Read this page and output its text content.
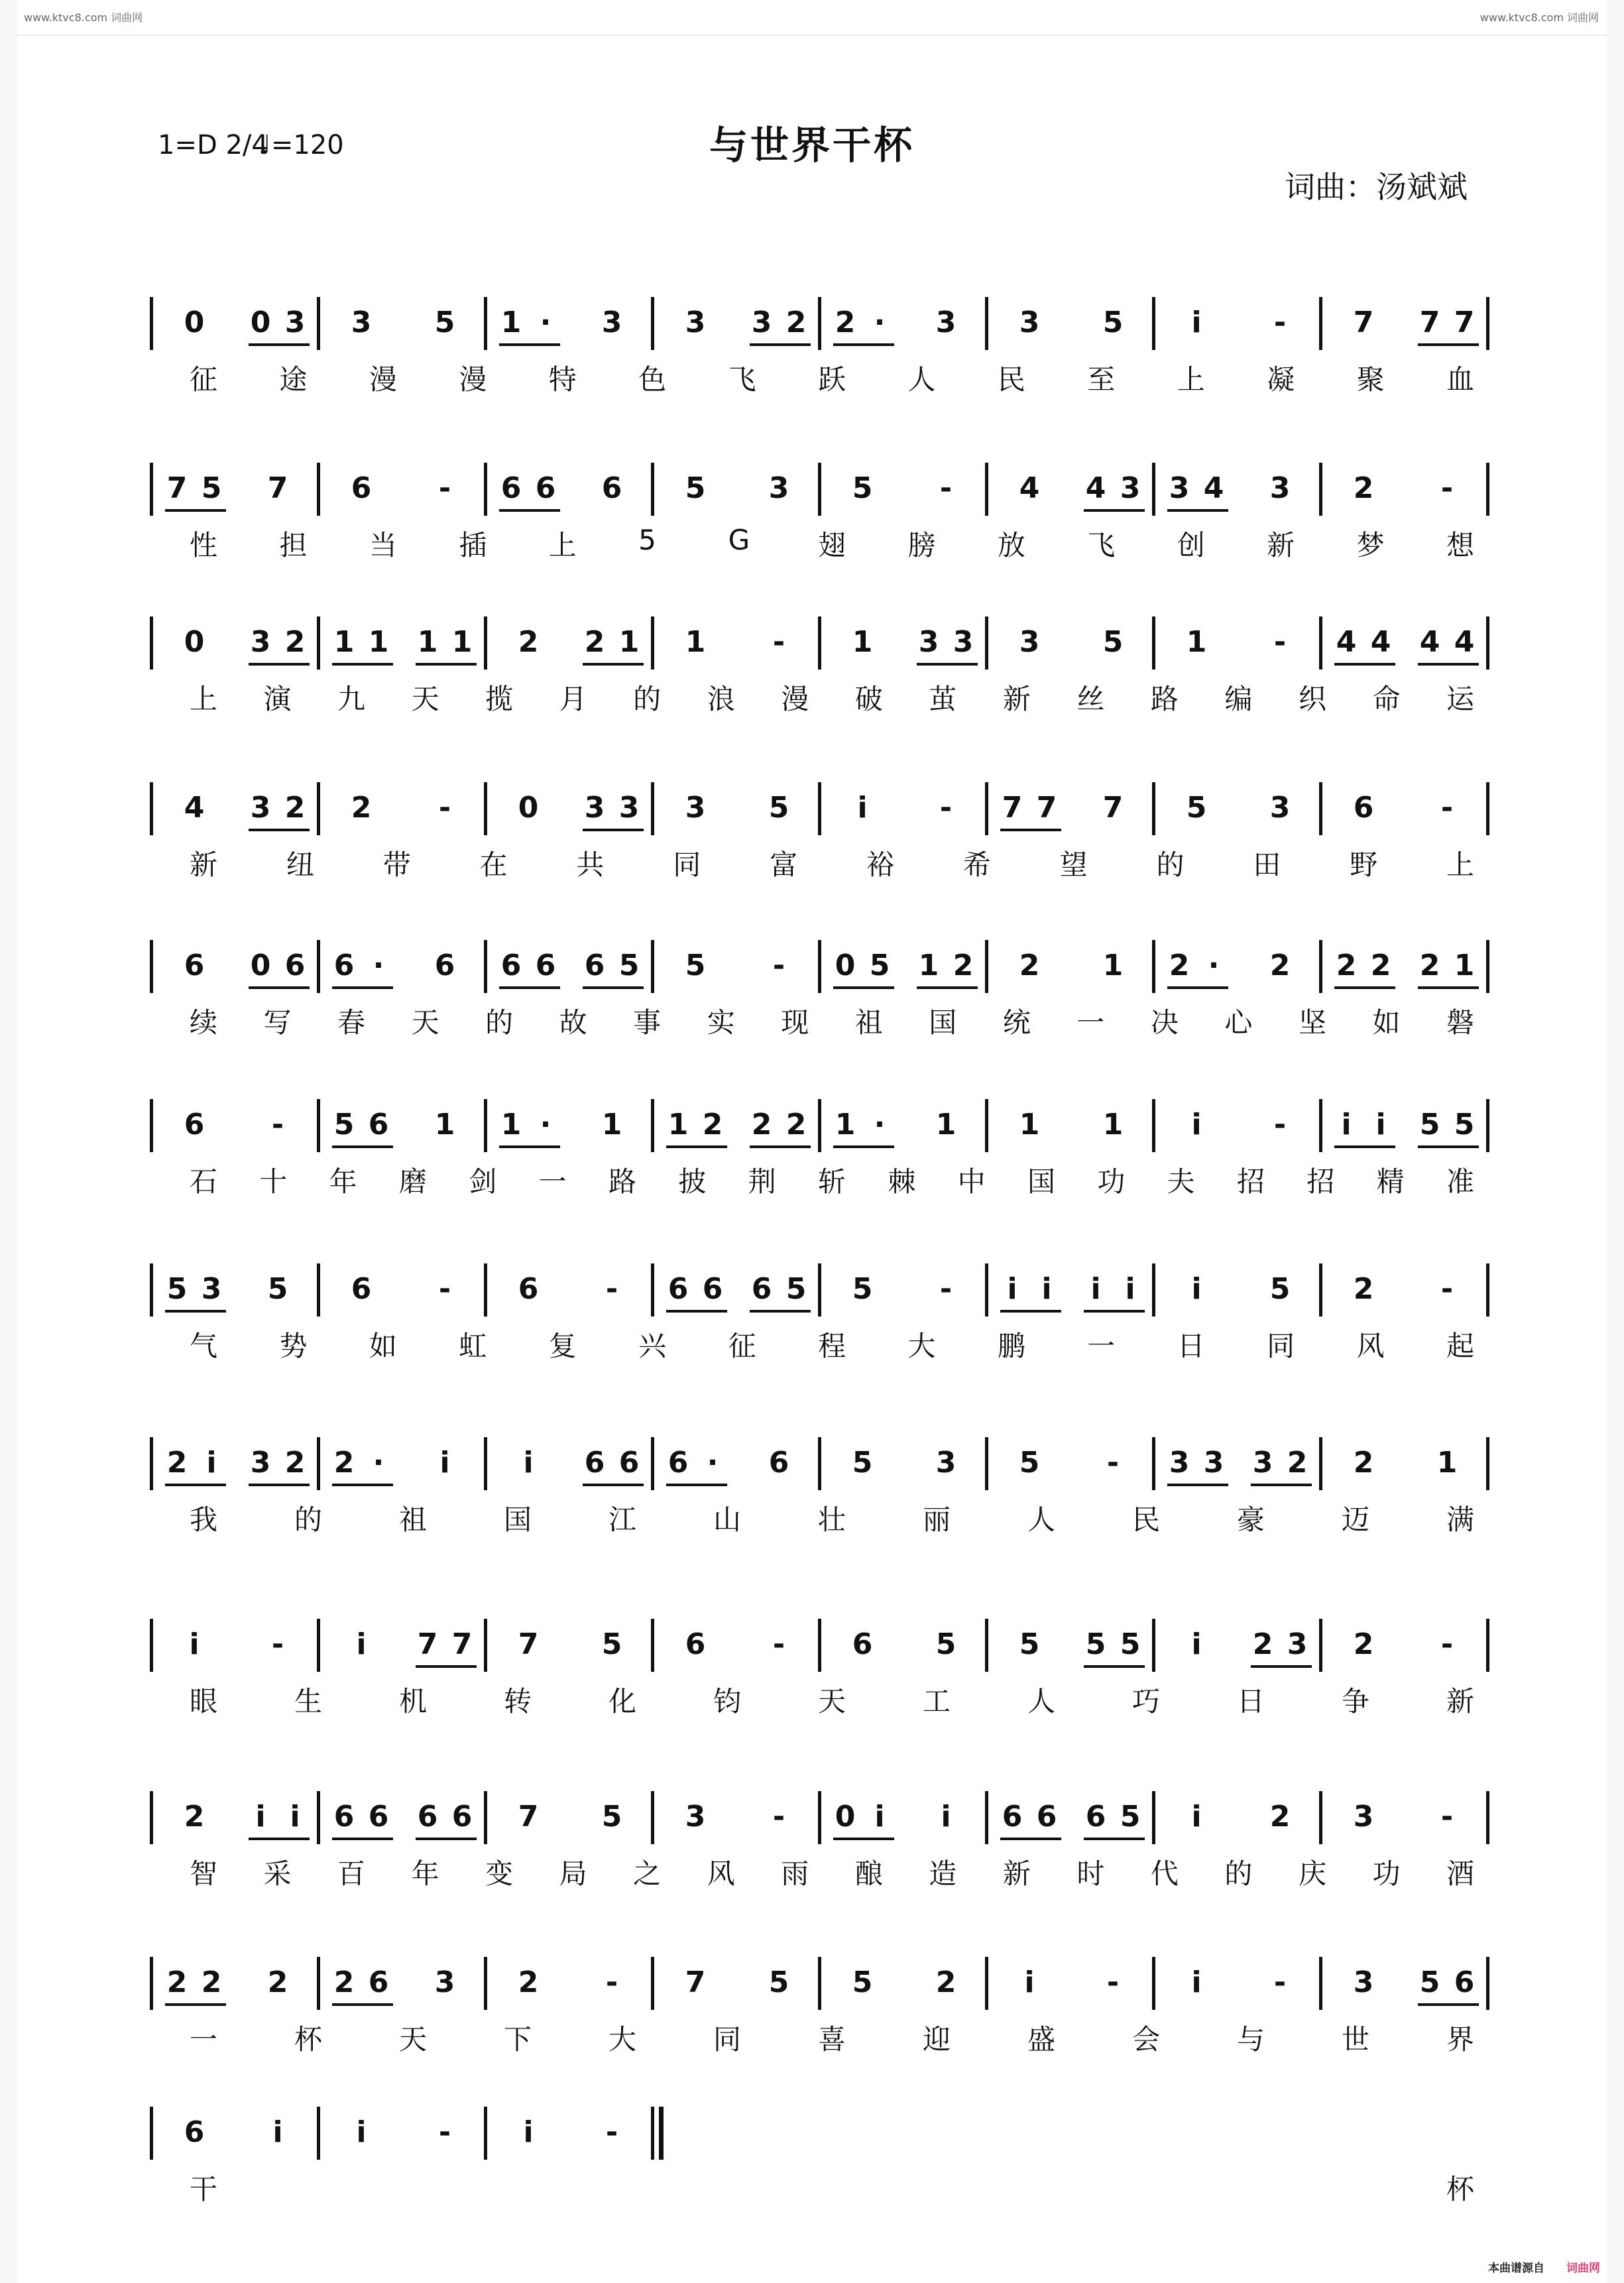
www.ktvc8.com 词曲网	www.ktvc8.com 词曲网
与世界干杯
1=D 2/4
♩=120
词曲：汤斌斌
0 0 3 3 5 1 ·	3 3 3 2 2 ·	3 3 5	i	-	7 7 7
征 途 漫 漫 特 色 飞 跃 人 民 至 上 凝 聚 血
7 5 7 6	-	6 6 6 5 3 5	-	4 4 3 3 4 3 2	-
性 担 当 插 上 5	G 翅 膀 放 飞 创 新 梦 想
0 3 2 1 1 1 1 2 2 1 1	-	1 3 3 3 5 1	-	4 4 4 4
上 演 九 天 揽 月 的 浪 漫 破 茧 新 丝 路 编 织 命 运
4 3 2 2	-	0 3 3 3 5	i	-	7 7 7 5 3 6	-
新 纽 带 在 共 同 富 裕 希 望 的 田 野 上
6 0 6 6 ·	6 6 6 6 5 5	-	0 5 1 2 2 1 2 ·	2 2 2 2 1
续 写 春 天 的 故 事 实 现 祖 国 统 一 决 心 坚 如 磐
6	-	5 6 1 1 ·	1 1 2 2 2 1 ·	1 1 1	i	-	i i	5 5
石 十 年 磨 剑 一 路 披 荆 斩 棘 中 国 功 夫 招 招 精 准
5 3 5 6	-	6	-	6 6 6 5 5	-	i i	i i	i	5 2	-
气 势 如 虹 复 兴 征 程 大 鹏 一 日 同 风 起
2 i	3 2 2 ·	i	i	6 6 6 ·	6 5 3 5	-	3 3 3 2 2 1
我	的	祖	国	江	山	壮	丽	人	民	豪	迈	满
i	-	i	7 7 7 5 6	-	6 5 5 5 5	i	2 3 2	-
眼	生	机	转	化	钧	天	工	人	巧	日	争	新
2	i i	6 6 6 6 7 5 3	-	0 i	i	6 6 6 5	i	2 3	-
智 采 百 年 变 局 之 风 雨 酿 造 新 时 代 的 庆 功 酒
2 2 2 2 6 3 2	-	7 5 5 2	i	-	i	-	3 5 6
一	杯	天	下	大	同	喜	迎	盛	会	与	世	界
6	i	i	-	i	-
干	杯
本曲谱源自 词曲网
